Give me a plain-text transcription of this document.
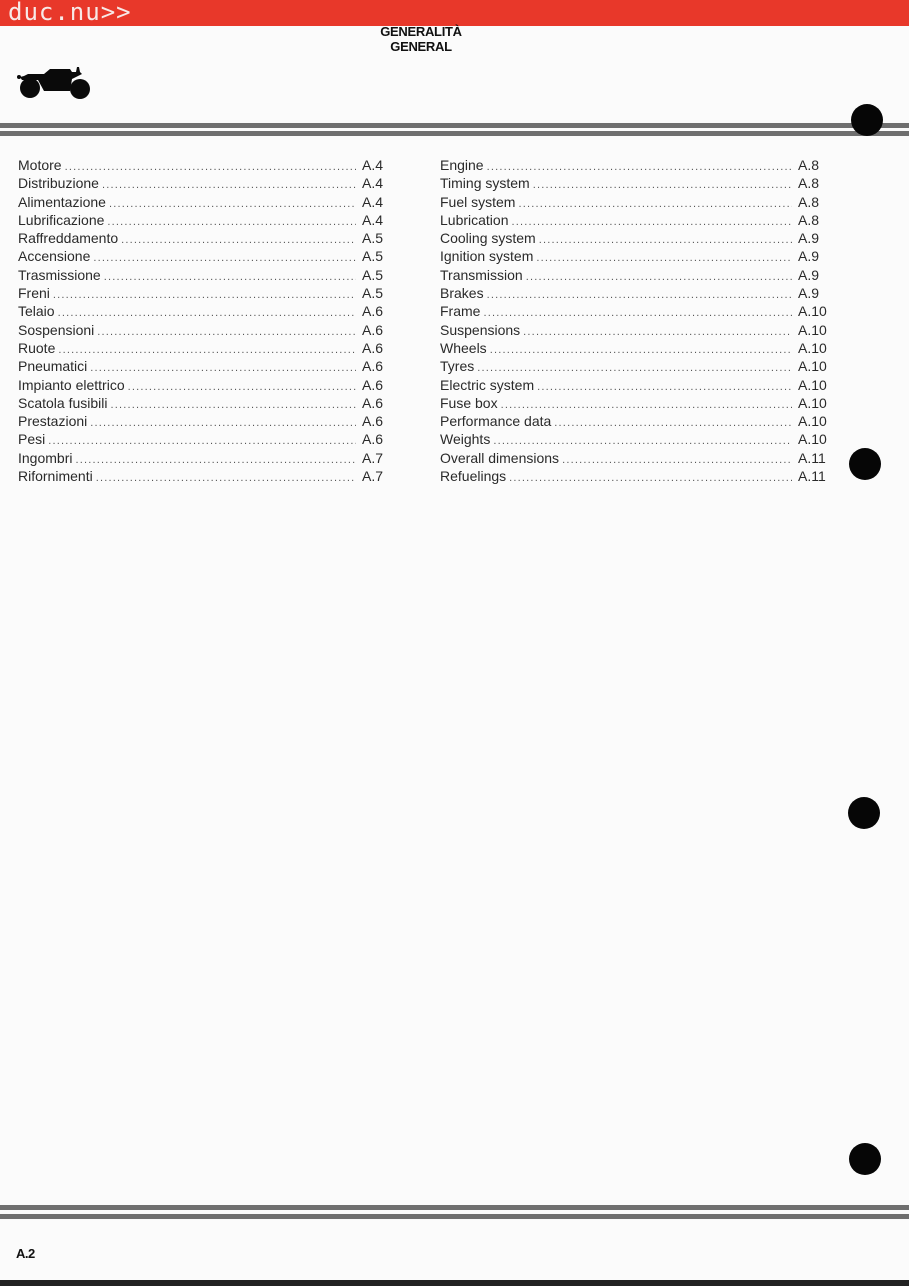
duc.nu>>
GENERALITÀ
GENERAL
Motore .....	A.4
Distribuzione .....	A.4
Alimentazione .....	A.4
Lubrificazione .....	A.4
Raffreddamento .....	A.5
Accensione .....	A.5
Trasmissione .....	A.5
Freni .....	A.5
Telaio .....	A.6
Sospensioni .....	A.6
Ruote .....	A.6
Pneumatici .....	A.6
Impianto elettrico .....	A.6
Scatola fusibili .....	A.6
Prestazioni .....	A.6
Pesi .....	A.6
Ingombri .....	A.7
Rifornimenti .....	A.7
Engine .....	A.8
Timing system .....	A.8
Fuel system .....	A.8
Lubrication .....	A.8
Cooling system .....	A.9
Ignition system .....	A.9
Transmission .....	A.9
Brakes .....	A.9
Frame .....	A.10
Suspensions .....	A.10
Wheels .....	A.10
Tyres .....	A.10
Electric system .....	A.10
Fuse box .....	A.10
Performance data .....	A.10
Weights .....	A.10
Overall dimensions .....	A.11
Refuelings .....	A.11
A.2
